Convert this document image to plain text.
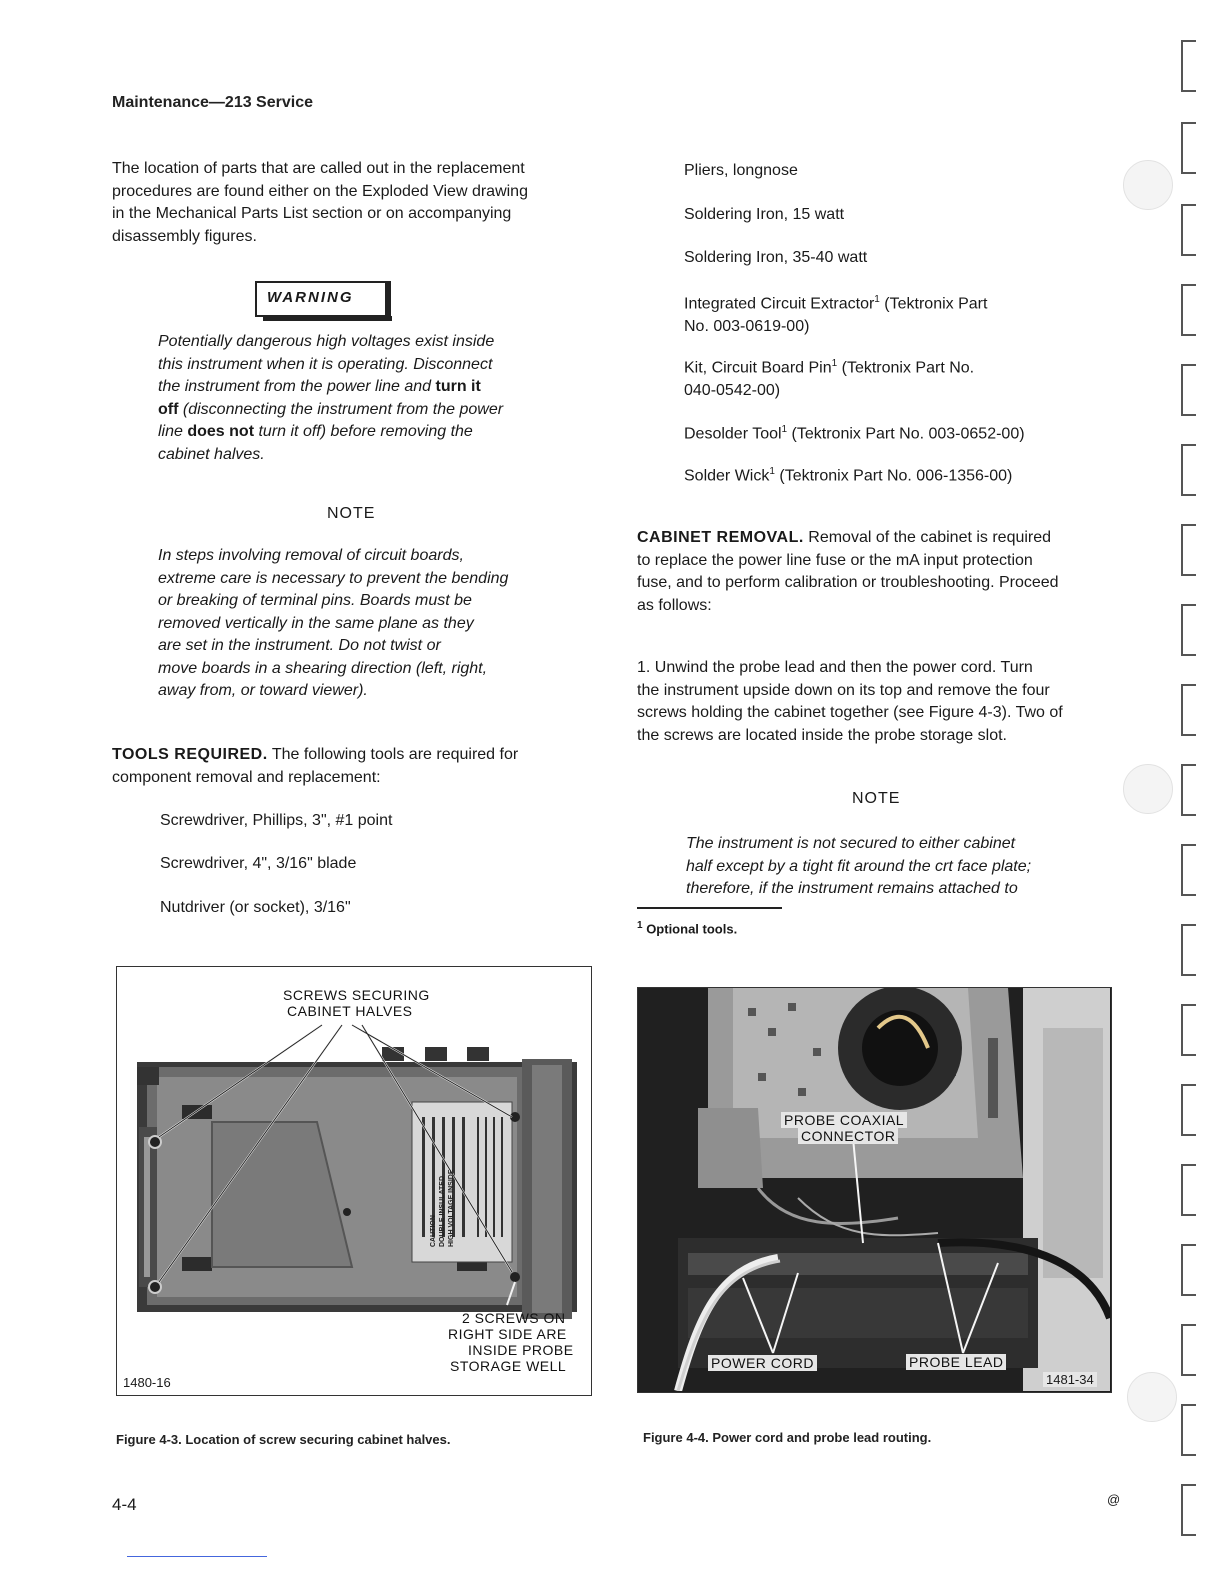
Maintenance—213 Service

The location of parts that are called out in the replacement

procedures are found either on the Exploded View drawing

in the Mechanical Parts List section or on accompanying

disassembly figures.

WARNING

Potentially dangerous high voltages exist inside

this instrument when it is operating. Disconnect

the instrument from the power line and turn it

off (disconnecting the instrument from the power

line does not turn it off) before removing the

cabinet halves.

NOTE

In steps involving removal of circuit boards,

extreme care is necessary to prevent the bending

or breaking of terminal pins. Boards must be

removed vertically in the same plane as they

are set in the instrument. Do not twist or

move boards in a shearing direction (left, right,

away from, or toward viewer).

TOOLS REQUIRED. The following tools are required for

component removal and replacement:

Screwdriver, Phillips, 3", #1 point
Screwdriver, 4", 3/16" blade
Nutdriver (or socket), 3/16"
Pliers, longnose
Soldering Iron, 15 watt
Soldering Iron, 35-40 watt
Integrated Circuit Extractor$^1$ (Tektronix Part
No. 003-0619-00)
Kit, Circuit Board Pin$^1$ (Tektronix Part No.
040-0542-00)
Desolder Tool$^1$ (Tektronix Part No. 003-0652-00)
Solder Wick$^1$ (Tektronix Part No. 006-1356-00)

CABINET REMOVAL. Removal of the cabinet is required

to replace the power line fuse or the mA input protection

fuse, and to perform calibration or troubleshooting. Proceed

as follows:

1. Unwind the probe lead and then the power cord. Turn

the instrument upside down on its top and remove the four

screws holding the cabinet together (see Figure 4-3). Two of

the screws are located inside the probe storage slot.

NOTE

The instrument is not secured to either cabinet

half except by a tight fit around the crt face plate;

therefore, if the instrument remains attached to

$^1$ Optional tools.
SCREWS SECURING
CABINET HALVES
2 SCREWS ON
RIGHT SIDE ARE
INSIDE PROBE
STORAGE WELL
1480-16
CAUTION DOUBLE INSULATED HIGH VOLTAGE INSIDE
PROBE COAXIAL
CONNECTOR
POWER CORD	PROBE LEAD
1481-34
Figure 4-3. Location of screw securing cabinet halves.	Figure 4-4. Power cord and probe lead routing.
4-4	@
